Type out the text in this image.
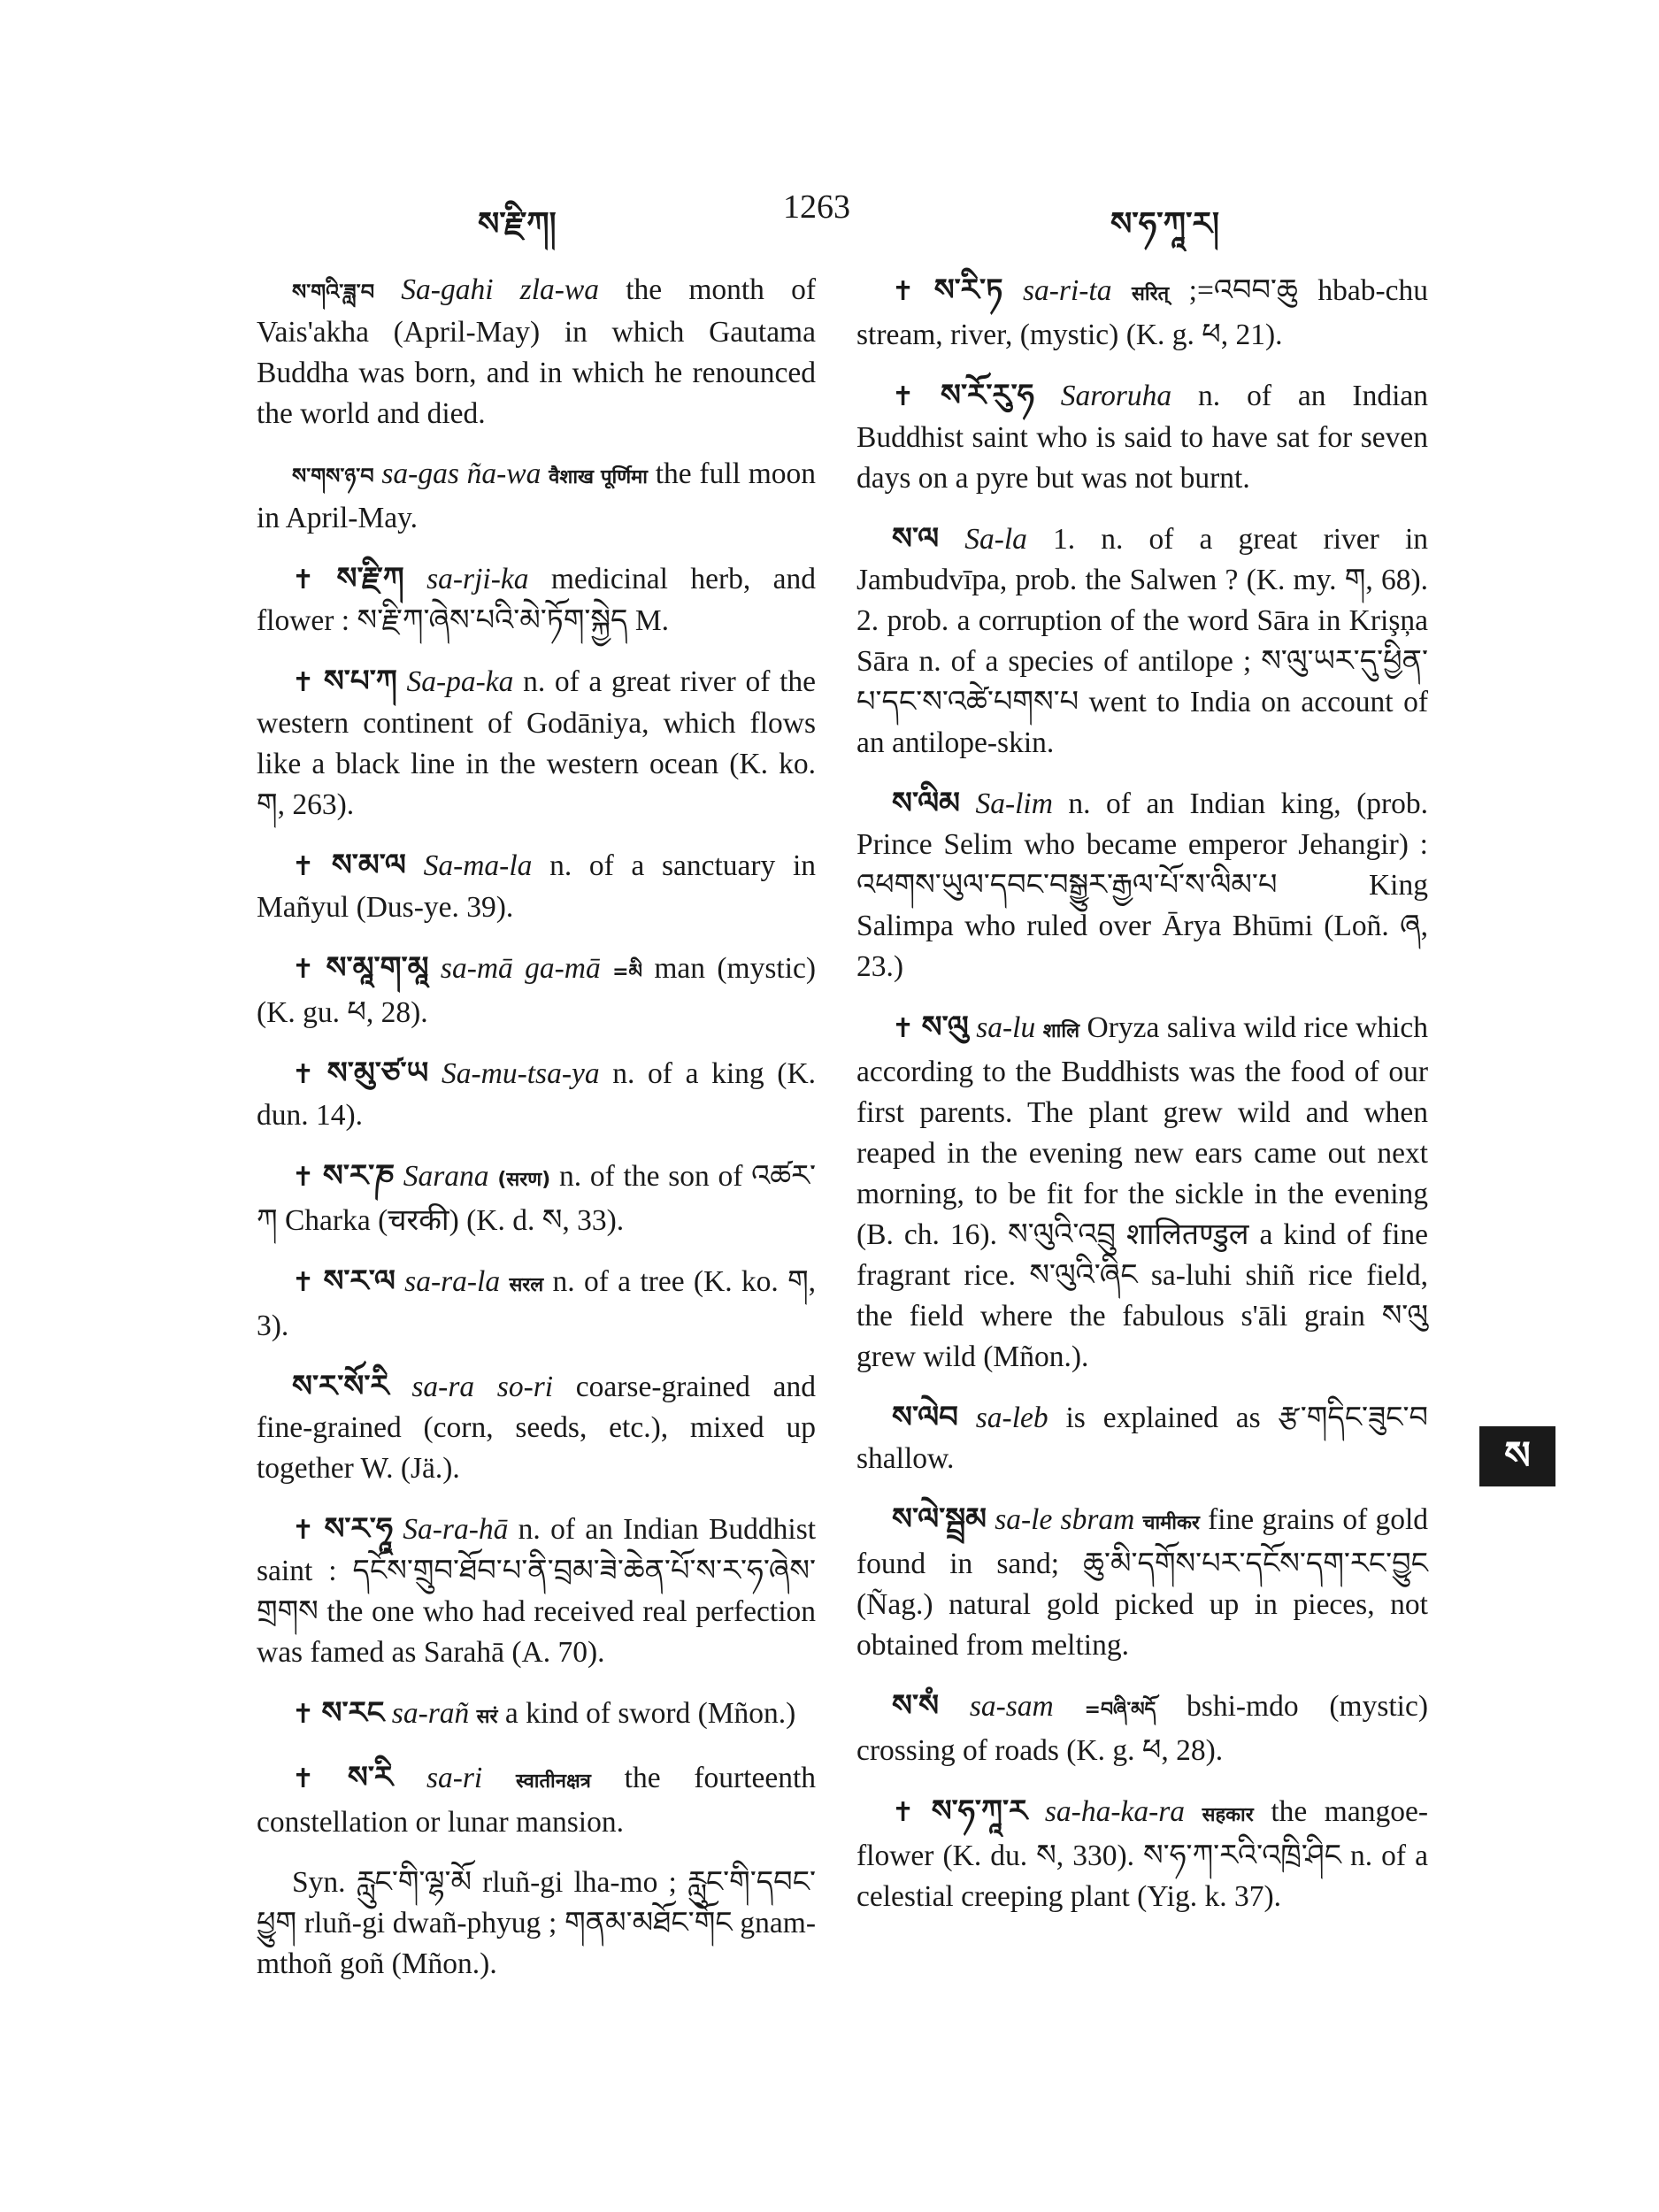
ས་རྗི་ཀ།	1263	ས་ཧ་ཀཱ་ར།

ས་གའི་ཟླ་བ Sa-gahi zla-wa the month of Vais'akha (April-May) in which Gautama Buddha was born, and in which he renounced the world and died.

ས་གས་ཉ་བ sa-gas ña-wa वैशाख पूर्णिमा the full moon in April-May.

✝ ས་རྗི་ཀ sa-rji-ka medicinal herb, and flower : ས་རྗི་ཀ་ཞེས་པའི་མེ་ཏོག་སྐྱེད M.

✝ ས་པ་ཀ Sa-pa-ka n. of a great river of the western continent of Godāniya, which flows like a black line in the western ocean (K. ko. ག, 263).

✝ ས་མ་ལ Sa-ma-la n. of a sanctuary in Mañyul (Dus-ye. 39).

✝ ས་མཱ་ག་མཱ sa-mā ga-mā =མི man (mystic) (K. gu. ཕ, 28).

✝ ས་མུ་ཙ་ཡ Sa-mu-tsa-ya n. of a king (K. dun. 14).

✝ ས་ར་ཎ Sarana (सरण) n. of the son of འཚར་ཀ Charka (चरकी) (K. d. ས, 33).

✝ ས་ར་ལ sa-ra-la सरल n. of a tree (K. ko. ག, 3).

ས་ར་སོ་རི sa-ra so-ri coarse-grained and fine-grained (corn, seeds, etc.), mixed up together W. (Jä.).

✝ ས་ར་ཧཱ Sa-ra-hā n. of an Indian Buddhist saint : དངོས་གྲུབ་ཐོབ་པ་ནི་བྲམ་ཟེ་ཆེན་པོ་ས་ར་ཧ་ཞེས་གྲགས the one who had received real perfection was famed as Sarahā (A. 70).

✝ ས་རང sa-rañ सरं a kind of sword (Mñon.)

✝ ས་རི sa-ri स्वातीनक्षत्र the fourteenth constellation or lunar mansion.

Syn. རླུང་གི་ལྷ་མོ rluñ-gi lha-mo ; རླུང་གི་དབང་ཕྱུག rluñ-gi dwañ-phyug ; གནམ་མཐོང་གོང gnam-mthoñ goñ (Mñon.).

✝ ས་རི་ཏ sa-ri-ta सरित् ;=འབབ་ཆུ hbab-chu stream, river, (mystic) (K. g. ཕ, 21).

✝ ས་རོ་རུ་ཧ Saroruha n. of an Indian Buddhist saint who is said to have sat for seven days on a pyre but was not burnt.

ས་ལ Sa-la 1. n. of a great river in Jambudvīpa, prob. the Salwen ? (K. my. ག, 68). 2. prob. a corruption of the word Sāra in Krişņa Sāra n. of a species of antilope ; ས་ལུ་ཡར་དུ་ཕྱིན་པ་དང་ས་འཚེ་པགས་པ went to India on account of an antilope-skin.

ས་ལིམ Sa-lim n. of an Indian king, (prob. Prince Selim who became emperor Jehangir) : འཕགས་ཡུལ་དབང་བསྒྱུར་རྒྱལ་པོ་ས་ལིམ་པ King Salimpa who ruled over Ārya Bhūmi (Loñ. ཞ, 23.)

✝ ས་ལུ sa-lu शालि Oryza saliva wild rice which according to the Buddhists was the food of our first parents. The plant grew wild and when reaped in the evening new ears came out next morning, to be fit for the sickle in the evening (B. ch. 16). ས་ལུའི་འབྲུ शालितण्डुल a kind of fine fragrant rice. ས་ལུའི་ཞིང sa-luhi shiñ rice field, the field where the fabulous s'āli grain ས་ལུ grew wild (Mñon.).

ས་ལེབ sa-leb is explained as རྩ་གདིང་ཟུང་བ shallow.

ས་ལེ་སྦྲམ sa-le sbram चामीकर fine grains of gold found in sand; ཆུ་མི་དགོས་པར་དངོས་དག་རང་བྱུང (Ñag.) natural gold picked up in pieces, not obtained from melting.

ས་སཾ sa-sam =བཞི་མདོ bshi-mdo (mystic) crossing of roads (K. g. ཕ, 28).

✝ ས་ཧ་ཀཱ་ར sa-ha-ka-ra सहकार the mangoe-flower (K. du. ས, 330). ས་ཧ་ཀ་རའི་འཁྲི་ཤིང n. of a celestial creeping plant (Yig. k. 37).

ས
